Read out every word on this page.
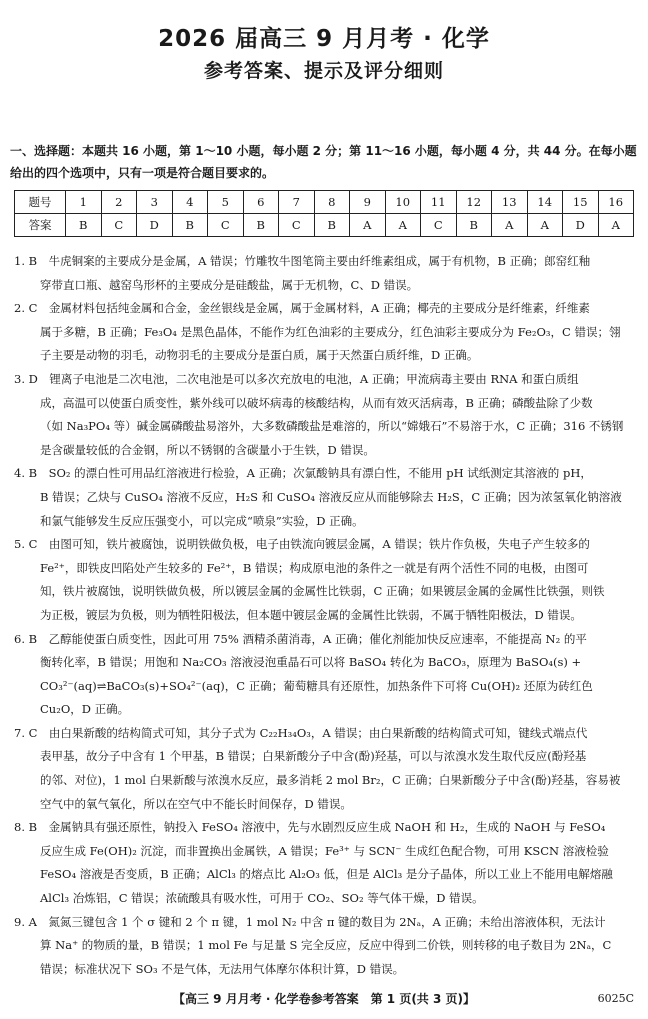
2026 届高三 9 月月考 · 化学
参考答案、提示及评分细则
一、选择题：本题共 16 小题，第 1～10 小题，每小题 2 分；第 11～16 小题，每小题 4 分，共 44 分。在每小题给出的四个选项中，只有一项是符合题目要求的。
题号	1	2	3	4	5	6	7	8	9	10	11	12	13	14	15	16
答案	B	C	D	B	C	B	C	B	A	A	C	B	A	A	D	A
1. B　牛虎铜案的主要成分是金属，A 错误；竹雕牧牛图笔筒主要由纤维素组成，属于有机物，B 正确；郎窑红釉
穿带直口瓶、越窑鸟形杯的主要成分是硅酸盐，属于无机物，C、D 错误。
2. C　金属材料包括纯金属和合金，金丝银线是金属，属于金属材料，A 正确；椰壳的主要成分是纤维素，纤维素
属于多糖，B 正确；Fe₃O₄ 是黑色晶体，不能作为红色油彩的主要成分，红色油彩主要成分为 Fe₂O₃，C 错误；翎
子主要是动物的羽毛，动物羽毛的主要成分是蛋白质，属于天然蛋白质纤维，D 正确。
3. D　锂离子电池是二次电池，二次电池是可以多次充放电的电池，A 正确；甲流病毒主要由 RNA 和蛋白质组
成，高温可以使蛋白质变性，紫外线可以破坏病毒的核酸结构，从而有效灭活病毒，B 正确；磷酸盐除了少数
（如 Na₃PO₄ 等）碱金属磷酸盐易溶外，大多数磷酸盐是难溶的，所以“嫦娥石”不易溶于水，C 正确；316 不锈钢
是含碳量较低的合金钢，所以不锈钢的含碳量小于生铁，D 错误。
4. B　SO₂ 的漂白性可用品红溶液进行检验，A 正确；次氯酸钠具有漂白性，不能用 pH 试纸测定其溶液的 pH，
B 错误；乙炔与 CuSO₄ 溶液不反应，H₂S 和 CuSO₄ 溶液反应从而能够除去 H₂S，C 正确；因为浓氢氧化钠溶液
和氯气能够发生反应压强变小，可以完成“喷泉”实验，D 正确。
5. C　由图可知，铁片被腐蚀，说明铁做负极，电子由铁流向镀层金属，A 错误；铁片作负极，失电子产生较多的
Fe²⁺，即铁皮凹陷处产生较多的 Fe²⁺，B 错误；构成原电池的条件之一就是有两个活性不同的电极，由图可
知，铁片被腐蚀，说明铁做负极，所以镀层金属的金属性比铁弱，C 正确；如果镀层金属的金属性比铁强，则铁
为正极，镀层为负极，则为牺牲阳极法，但本题中镀层金属的金属性比铁弱，不属于牺牲阳极法，D 错误。
6. B　乙醇能使蛋白质变性，因此可用 75% 酒精杀菌消毒，A 正确；催化剂能加快反应速率，不能提高 N₂ 的平
衡转化率，B 错误；用饱和 Na₂CO₃ 溶液浸泡重晶石可以将 BaSO₄ 转化为 BaCO₃，原理为 BaSO₄(s) +
CO₃²⁻(aq)⇌BaCO₃(s)+SO₄²⁻(aq)，C 正确；葡萄糖具有还原性，加热条件下可将 Cu(OH)₂ 还原为砖红色
Cu₂O，D 正确。
7. C　由白果新酸的结构简式可知，其分子式为 C₂₂H₃₄O₃，A 错误；由白果新酸的结构简式可知，键线式端点代
表甲基，故分子中含有 1 个甲基，B 错误；白果新酸分子中含(酚)羟基，可以与浓溴水发生取代反应(酚羟基
的邻、对位)，1 mol 白果新酸与浓溴水反应，最多消耗 2 mol Br₂，C 正确；白果新酸分子中含(酚)羟基，容易被
空气中的氧气氧化，所以在空气中不能长时间保存，D 错误。
8. B　金属钠具有强还原性，钠投入 FeSO₄ 溶液中，先与水剧烈反应生成 NaOH 和 H₂，生成的 NaOH 与 FeSO₄
反应生成 Fe(OH)₂ 沉淀，而非置换出金属铁，A 错误；Fe³⁺ 与 SCN⁻ 生成红色配合物，可用 KSCN 溶液检验
FeSO₄ 溶液是否变质，B 正确；AlCl₃ 的熔点比 Al₂O₃ 低，但是 AlCl₃ 是分子晶体，所以工业上不能用电解熔融
AlCl₃ 冶炼铝，C 错误；浓硫酸具有吸水性，可用于 CO₂、SO₂ 等气体干燥，D 错误。
9. A　氮氮三键包含 1 个 σ 键和 2 个 π 键，1 mol N₂ 中含 π 键的数目为 2Nₐ，A 正确；未给出溶液体积，无法计
算 Na⁺ 的物质的量，B 错误；1 mol Fe 与足量 S 完全反应，反应中得到二价铁，则转移的电子数目为 2Nₐ，C
错误；标准状况下 SO₃ 不是气体，无法用气体摩尔体积计算，D 错误。
【高三 9 月月考 · 化学卷参考答案　第 1 页(共 3 页)】	6025C
